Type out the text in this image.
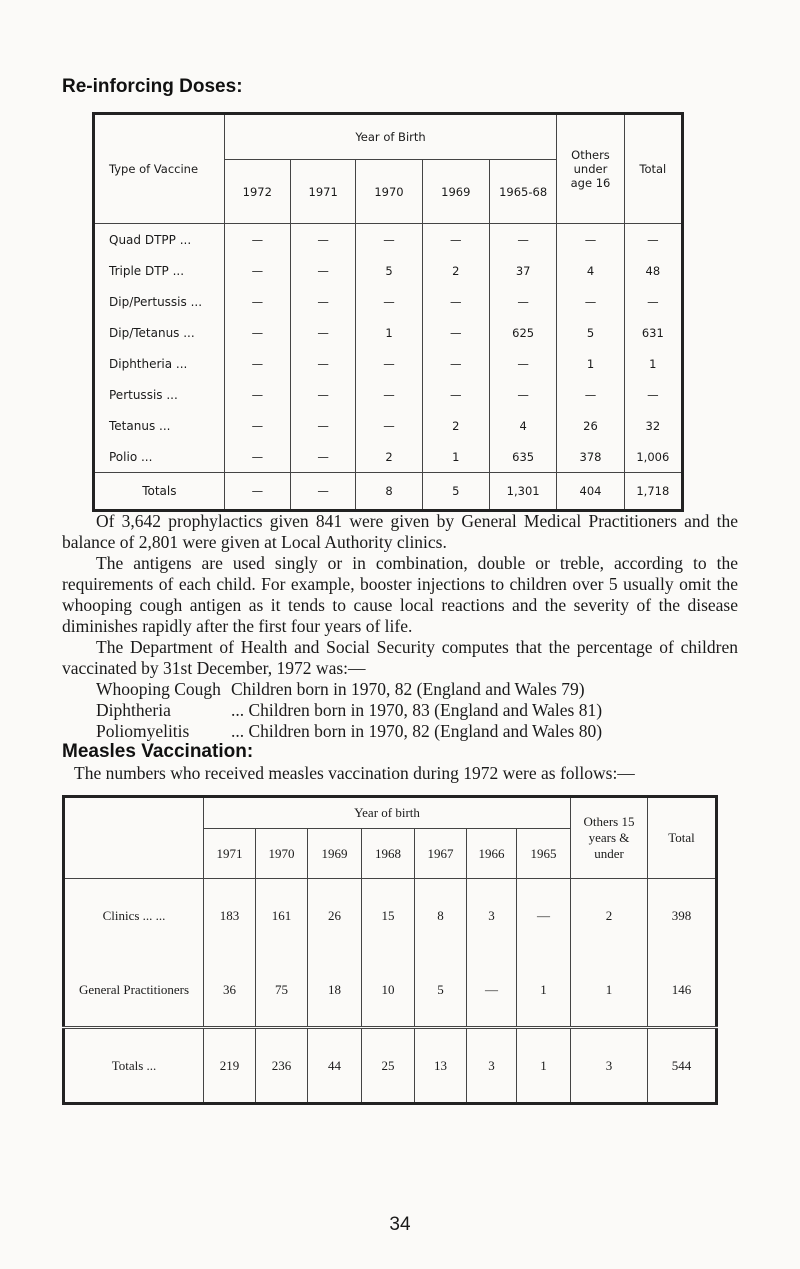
Re-inforcing Doses:
Type of Vaccine	Year of Birth					Others under age 16	Total
	1972	1971	1970	1969	1965-68		
Quad DTPP ...	—	—	—	—	—	—	—
Triple DTP ...	—	—	5	2	37	4	48
Dip/Pertussis ...	—	—	—	—	—	—	—
Dip/Tetanus ...	—	—	1	—	625	5	631
Diphtheria ...	—	—	—	—	—	1	1
Pertussis ...	—	—	—	—	—	—	—
Tetanus ...	—	—	—	2	4	26	32
Polio ...	—	—	2	1	635	378	1,006
Totals	—	—	8	5	1,301	404	1,718
Of 3,642 prophylactics given 841 were given by General Medical Practitioners and the balance of 2,801 were given at Local Authority clinics.
The antigens are used singly or in combination, double or treble, according to the requirements of each child. For example, booster injections to children over 5 usually omit the whooping cough antigen as it tends to cause local reactions and the severity of the disease diminishes rapidly after the first four years of life.
The Department of Health and Social Security computes that the percentage of children vaccinated by 31st December, 1972 was:—
Whooping Cough Children born in 1970, 82 (England and Wales 79)
Diphtheria	... Children born in 1970, 83 (England and Wales 81)
Poliomyelitis ... Children born in 1970, 82 (England and Wales 80)
Measles Vaccination:
The numbers who received measles vaccination during 1972 were as follows:—
	Year of birth							Others 15 years & under	Total
	1971	1970	1969	1968	1967	1966	1965		
Clinics ... ...	183	161	26	15	8	3	—	2	398
General Practitioners	36	75	18	10	5	—	1	1	146
Totals ...	219	236	44	25	13	3	1	3	544
34
